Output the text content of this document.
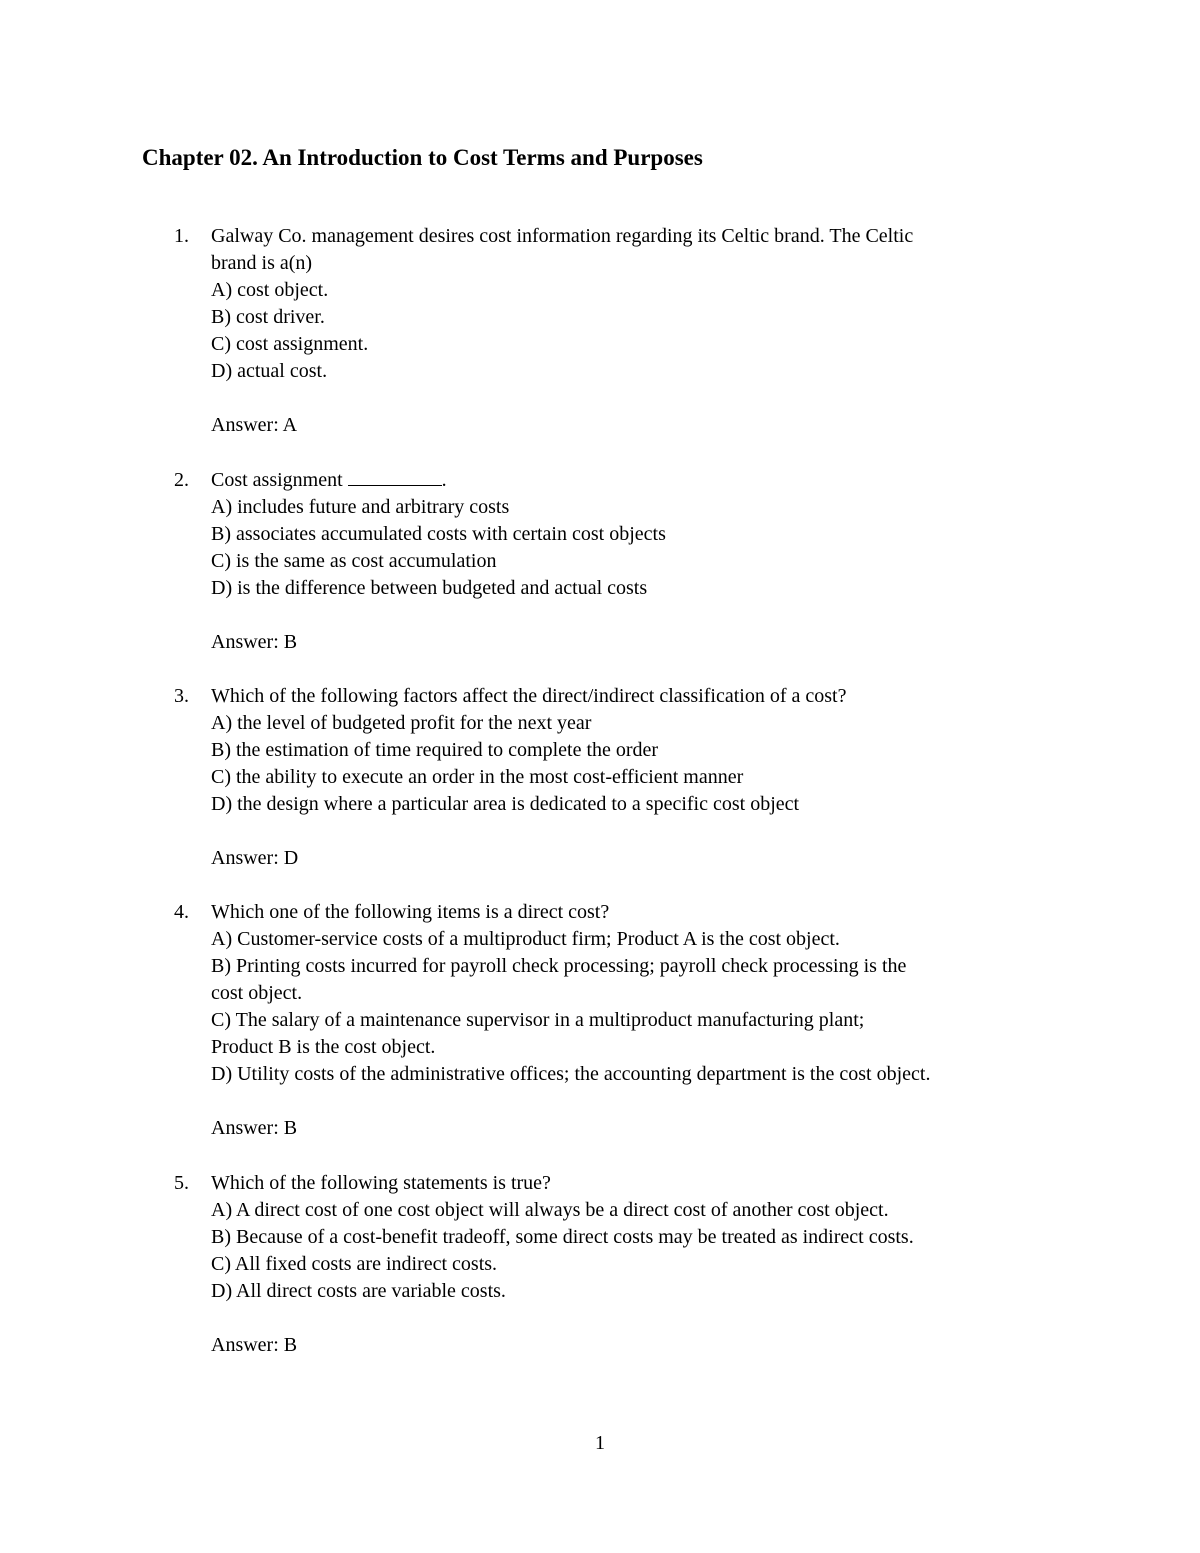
Chapter 02. An Introduction to Cost Terms and Purposes
1. Galway Co. management desires cost information regarding its Celtic brand. The Celtic
brand is a(n)
A) cost object.
B) cost driver.
C) cost assignment.
D) actual cost.
Answer: A
2. Cost assignment	.
A) includes future and arbitrary costs
B) associates accumulated costs with certain cost objects
C) is the same as cost accumulation
D) is the difference between budgeted and actual costs
Answer: B
3. Which of the following factors affect the direct/indirect classification of a cost?
A) the level of budgeted profit for the next year
B) the estimation of time required to complete the order
C) the ability to execute an order in the most cost-efficient manner
D) the design where a particular area is dedicated to a specific cost object
Answer: D
4. Which one of the following items is a direct cost?
A) Customer-service costs of a multiproduct firm; Product A is the cost object.
B) Printing costs incurred for payroll check processing; payroll check processing is the
cost object.
C) The salary of a maintenance supervisor in a multiproduct manufacturing plant;
Product B is the cost object.
D) Utility costs of the administrative offices; the accounting department is the cost object.
Answer: B
5. Which of the following statements is true?
A) A direct cost of one cost object will always be a direct cost of another cost object.
B) Because of a cost-benefit tradeoff, some direct costs may be treated as indirect costs.
C) All fixed costs are indirect costs.
D) All direct costs are variable costs.
Answer: B
1
